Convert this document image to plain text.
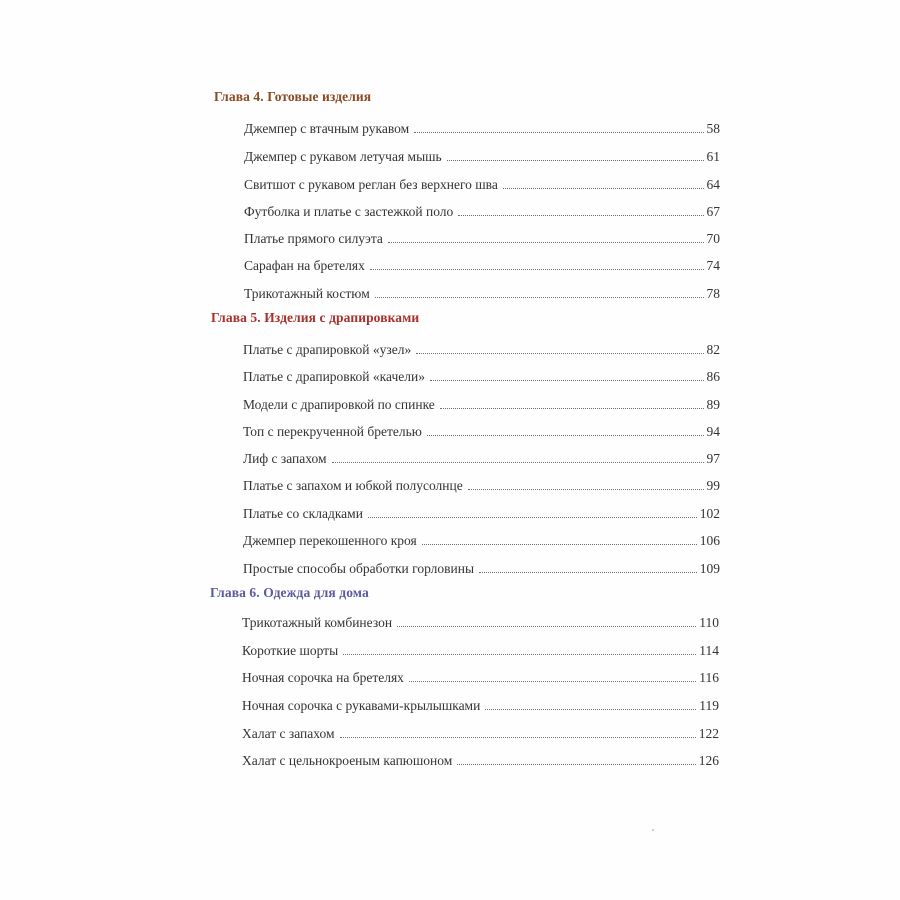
Глава 4. Готовые изделия
Джемпер с втачным рукавом	58
Джемпер с рукавом летучая мышь	61
Свитшот с рукавом реглан без верхнего шва	64
Футболка и платье с застежкой поло	67
Платье прямого силуэта	70
Сарафан на бретелях	74
Трикотажный костюм	78
Глава 5. Изделия с драпировками
Платье с драпировкой «узел»	82
Платье с драпировкой «качели»	86
Модели с драпировкой по спинке	89
Топ с перекрученной бретелью	94
Лиф с запахом	97
Платье с запахом и юбкой полусолнце	99
Платье со складками	102
Джемпер перекошенного кроя	106
Простые способы обработки горловины	109
Глава 6. Одежда для дома
Трикотажный комбинезон	110
Короткие шорты	114
Ночная сорочка на бретелях	116
Ночная сорочка с рукавами-крылышками	119
Халат с запахом	122
Халат с цельнокроеным капюшоном	126
